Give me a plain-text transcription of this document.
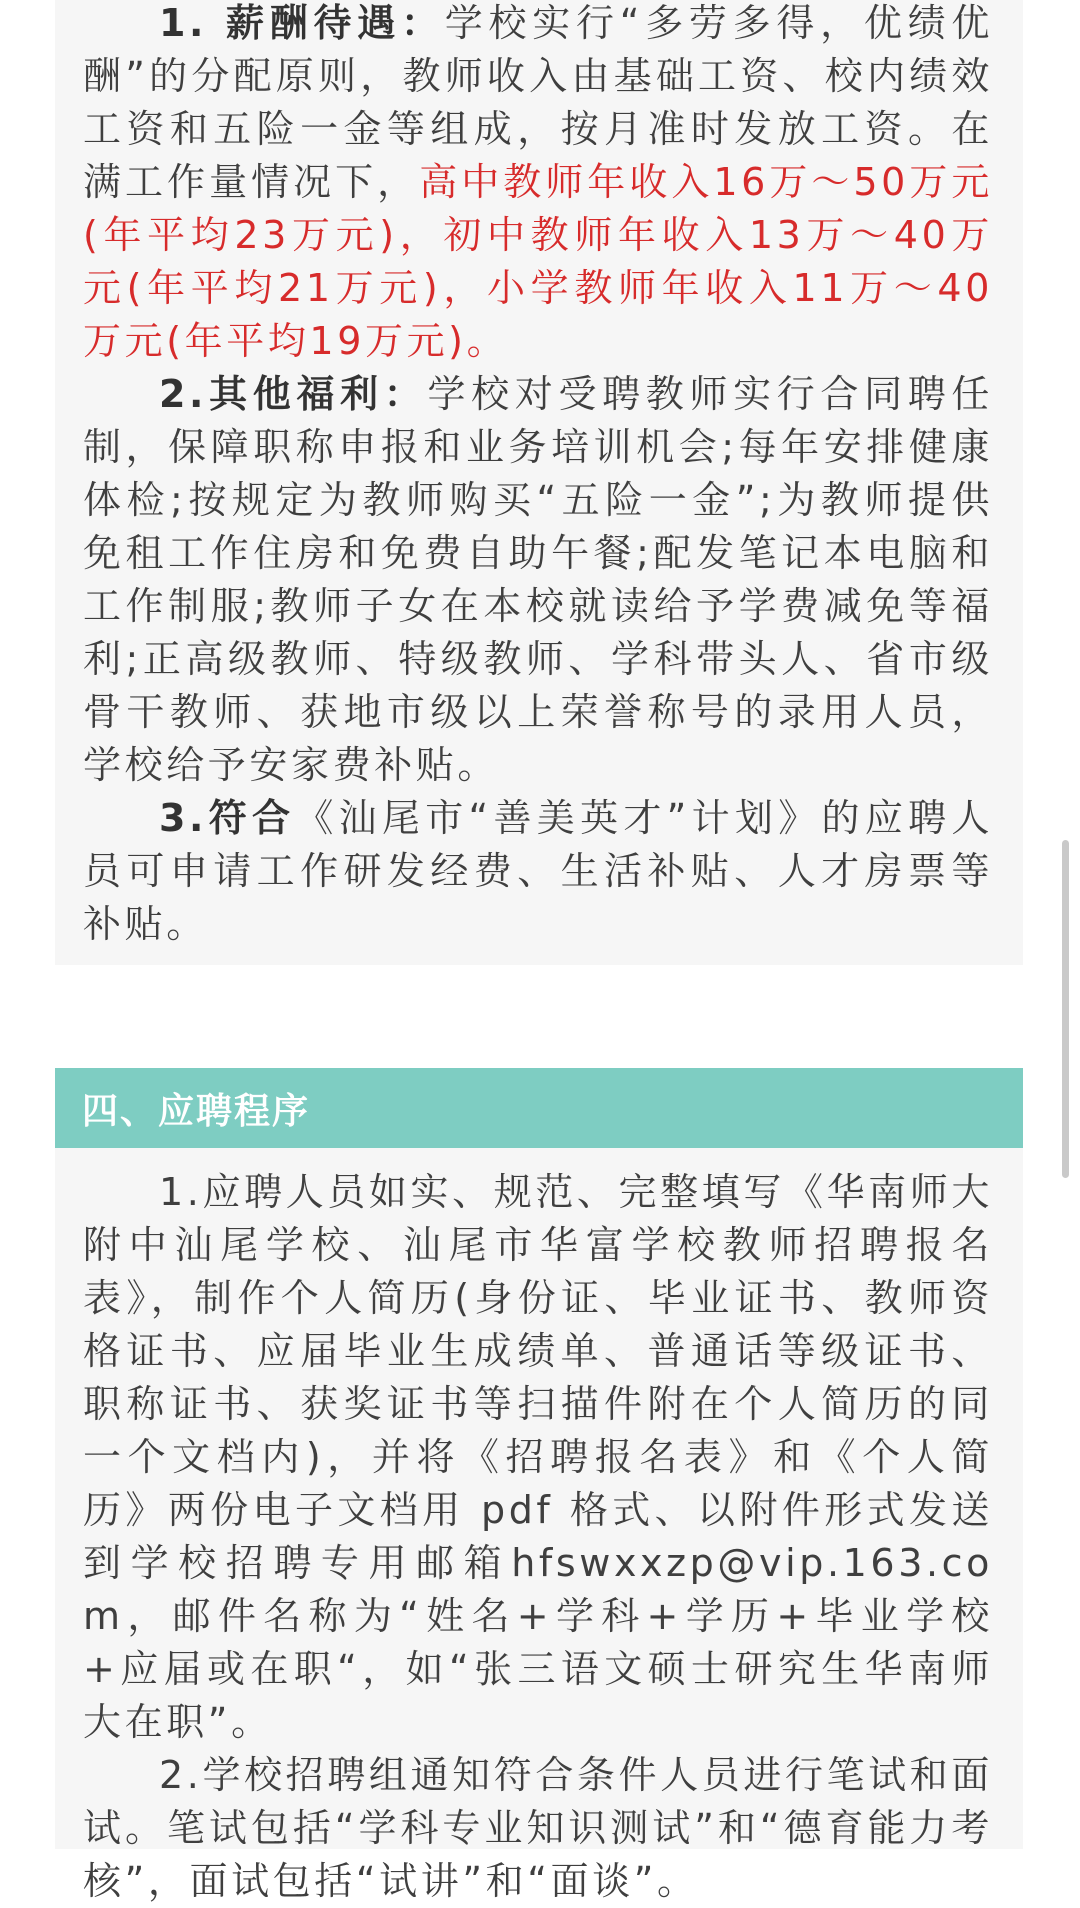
1. 薪酬待遇：学校实行“多劳多得，优绩优酬”的分配原则，教师收入由基础工资、校内绩效工资和五险一金等组成，按月准时发放工资。在满工作量情况下，高中教师年收入16万～50万元(年平均23万元)，初中教师年收入13万～40万元(年平均21万元)，小学教师年收入11万～40万元(年平均19万元)。

2.其他福利：学校对受聘教师实行合同聘任制，保障职称申报和业务培训机会;每年安排健康体检;按规定为教师购买“五险一金”;为教师提供免租工作住房和免费自助午餐;配发笔记本电脑和工作制服;教师子女在本校就读给予学费减免等福利;正高级教师、特级教师、学科带头人、省市级骨干教师、获地市级以上荣誉称号的录用人员，学校给予安家费补贴。

3.符合《汕尾市“善美英才”计划》的应聘人员可申请工作研发经费、生活补贴、人才房票等补贴。

四、应聘程序

1.应聘人员如实、规范、完整填写《华南师大附中汕尾学校、汕尾市华富学校教师招聘报名表》，制作个人简历(身份证、毕业证书、教师资格证书、应届毕业生成绩单、普通话等级证书、职称证书、获奖证书等扫描件附在个人简历的同一个文档内)，并将《招聘报名表》和《个人简历》两份电子文档用 pdf 格式、以附件形式发送到学校招聘专用邮箱hfswxxzp@vip.163.com，邮件名称为“姓名+学科+学历+毕业学校+应届或在职“，如“张三语文硕士研究生华南师大在职”。

2.学校招聘组通知符合条件人员进行笔试和面试。笔试包括“学科专业知识测试”和“德育能力考核”，面试包括“试讲”和“面谈”。
